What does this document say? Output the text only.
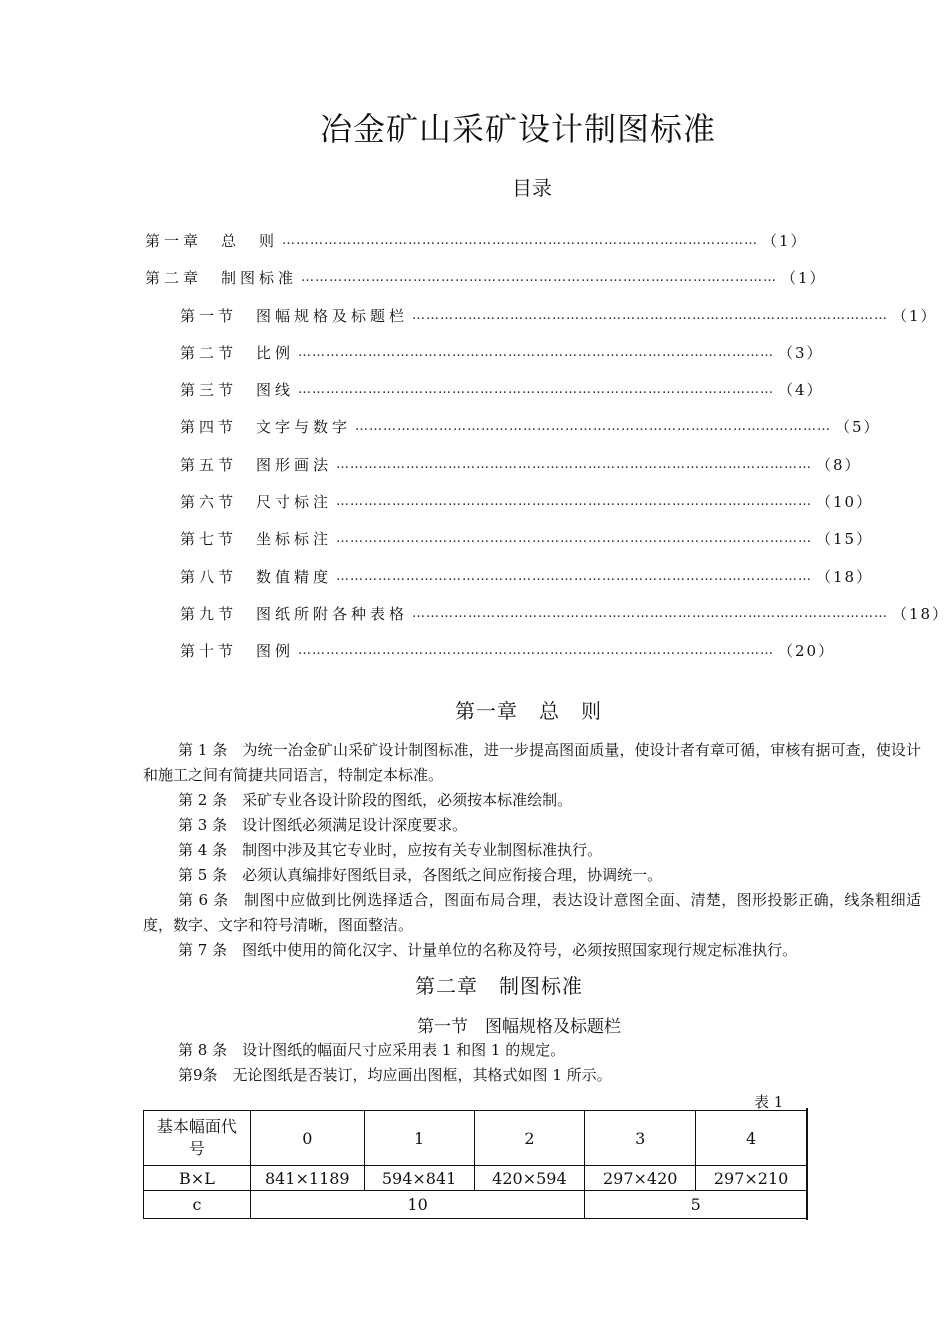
冶金矿山采矿设计制图标准
目录
第一章　总　则 ………………………………………………………………………………………… （1）
第二章　制图标准 ………………………………………………………………………………………… （1）
第一节　图幅规格及标题栏 ………………………………………………………………………………………… （1）
第二节　比例 ………………………………………………………………………………………… （3）
第三节　图线 ………………………………………………………………………………………… （4）
第四节　文字与数字 ………………………………………………………………………………………… （5）
第五节　图形画法 ………………………………………………………………………………………… （8）
第六节　尺寸标注 ………………………………………………………………………………………… （10）
第七节　坐标标注 ………………………………………………………………………………………… （15）
第八节　数值精度 ………………………………………………………………………………………… （18）
第九节　图纸所附各种表格 ………………………………………………………………………………………… （18）
第十节　图例 ………………………………………………………………………………………… （20）
第一章　总　则
第 1 条　为统一冶金矿山采矿设计制图标准，进一步提高图面质量，使设计者有章可循，审核有据可查，使设计和施工之间有简捷共同语言，特制定本标准。
第 2 条　采矿专业各设计阶段的图纸，必须按本标准绘制。
第 3 条　设计图纸必须满足设计深度要求。
第 4 条　制图中涉及其它专业时，应按有关专业制图标准执行。
第 5 条　必须认真编排好图纸目录，各图纸之间应衔接合理，协调统一。
第 6 条　制图中应做到比例选择适合，图面布局合理，表达设计意图全面、清楚，图形投影正确，线条粗细适度，数字、文字和符号清晰，图面整洁。
第 7 条　图纸中使用的简化汉字、计量单位的名称及符号，必须按照国家现行规定标准执行。
第二章　制图标准
第一节　图幅规格及标题栏
第 8 条　设计图纸的幅面尺寸应采用表 1 和图 1 的规定。
第9条　无论图纸是否装订，均应画出图框，其格式如图 1 所示。
表 1
基本幅面代号	0	1	2	3	4
B×L	841×1189	594×841	420×594	297×420	297×210
c	10			5	
